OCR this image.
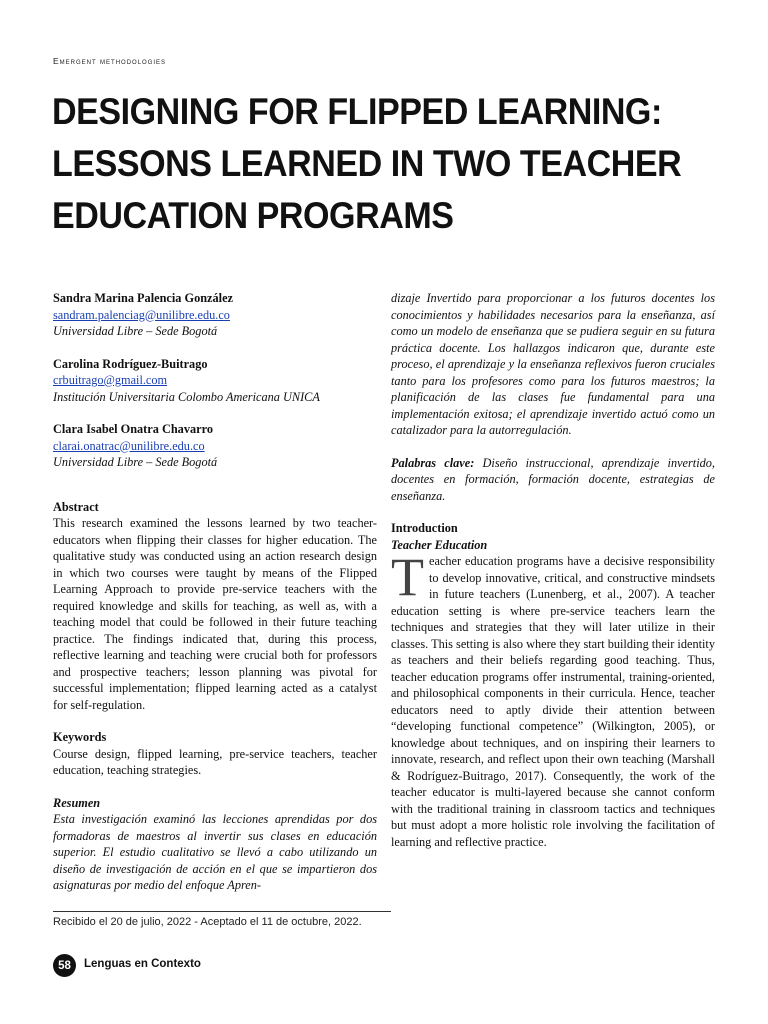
Emergent methodologies
DESIGNING FOR FLIPPED LEARNING:
LESSONS LEARNED IN TWO TEACHER
EDUCATION PROGRAMS
Sandra Marina Palencia González
sandram.palenciag@unilibre.edu.co
Universidad Libre – Sede Bogotá
Carolina Rodríguez-Buitrago
crbuitrago@gmail.com
Institución Universitaria Colombo Americana UNICA
Clara Isabel Onatra Chavarro
clarai.onatrac@unilibre.edu.co
Universidad Libre – Sede Bogotá
Abstract
This research examined the lessons learned by two teacher-educators when flipping their classes for higher education. The qualitative study was conducted using an action research design in which two courses were taught by means of the Flipped Learning Approach to provide pre-service teachers with the required knowledge and skills for teaching, as well as, with a teaching model that could be followed in their future teaching practice. The findings indicated that, during this process, reflective learning and teaching were crucial both for professors and prospective teachers; lesson planning was pivotal for successful implementation; flipped learning acted as a catalyst for self-regulation.
Keywords
Course design, flipped learning, pre-service teachers, teacher education, teaching strategies.
Resumen
Esta investigación examinó las lecciones aprendidas por dos formadoras de maestros al invertir sus clases en educación superior. El estudio cualitativo se llevó a cabo utilizando un diseño de investigación de acción en el que se impartieron dos asignaturas por medio del enfoque Apren-
dizaje Invertido para proporcionar a los futuros docentes los conocimientos y habilidades necesarios para la enseñanza, así como un modelo de enseñanza que se pudiera seguir en su futura práctica docente. Los hallazgos indicaron que, durante este proceso, el aprendizaje y la enseñanza reflexivos fueron cruciales tanto para los profesores como para los futuros maestros; la planificación de las clases fue fundamental para una implementación exitosa; el aprendizaje invertido actuó como un catalizador para la autorregulación.
Palabras clave: Diseño instruccional, aprendizaje invertido, docentes en formación, formación docente, estrategias de enseñanza.
Introduction
Teacher Education
T eacher education programs have a decisive responsibility to develop innovative, critical, and constructive mindsets in future teachers (Lunenberg, et al., 2007). A teacher education setting is where pre-service teachers learn the techniques and strategies that they will later utilize in their classes. This setting is also where they start building their identity as teachers and their beliefs regarding good teaching. Thus, teacher education programs offer instrumental, training-oriented, and philosophical components in their curricula. Hence, teacher educators need to aptly divide their attention between “developing functional competence” (Wilkington, 2005), or knowledge about techniques, and on inspiring their learners to innovate, research, and reflect upon their own teaching (Marshall & Rodríguez-Buitrago, 2017). Consequently, the work of the teacher educator is multi-layered because she cannot conform with the traditional training in classroom tactics and techniques but must adopt a more holistic role involving the facilitation of learning and reflective practice.
Recibido el 20 de julio, 2022 - Aceptado el 11 de octubre, 2022.
58	Lenguas en Contexto
